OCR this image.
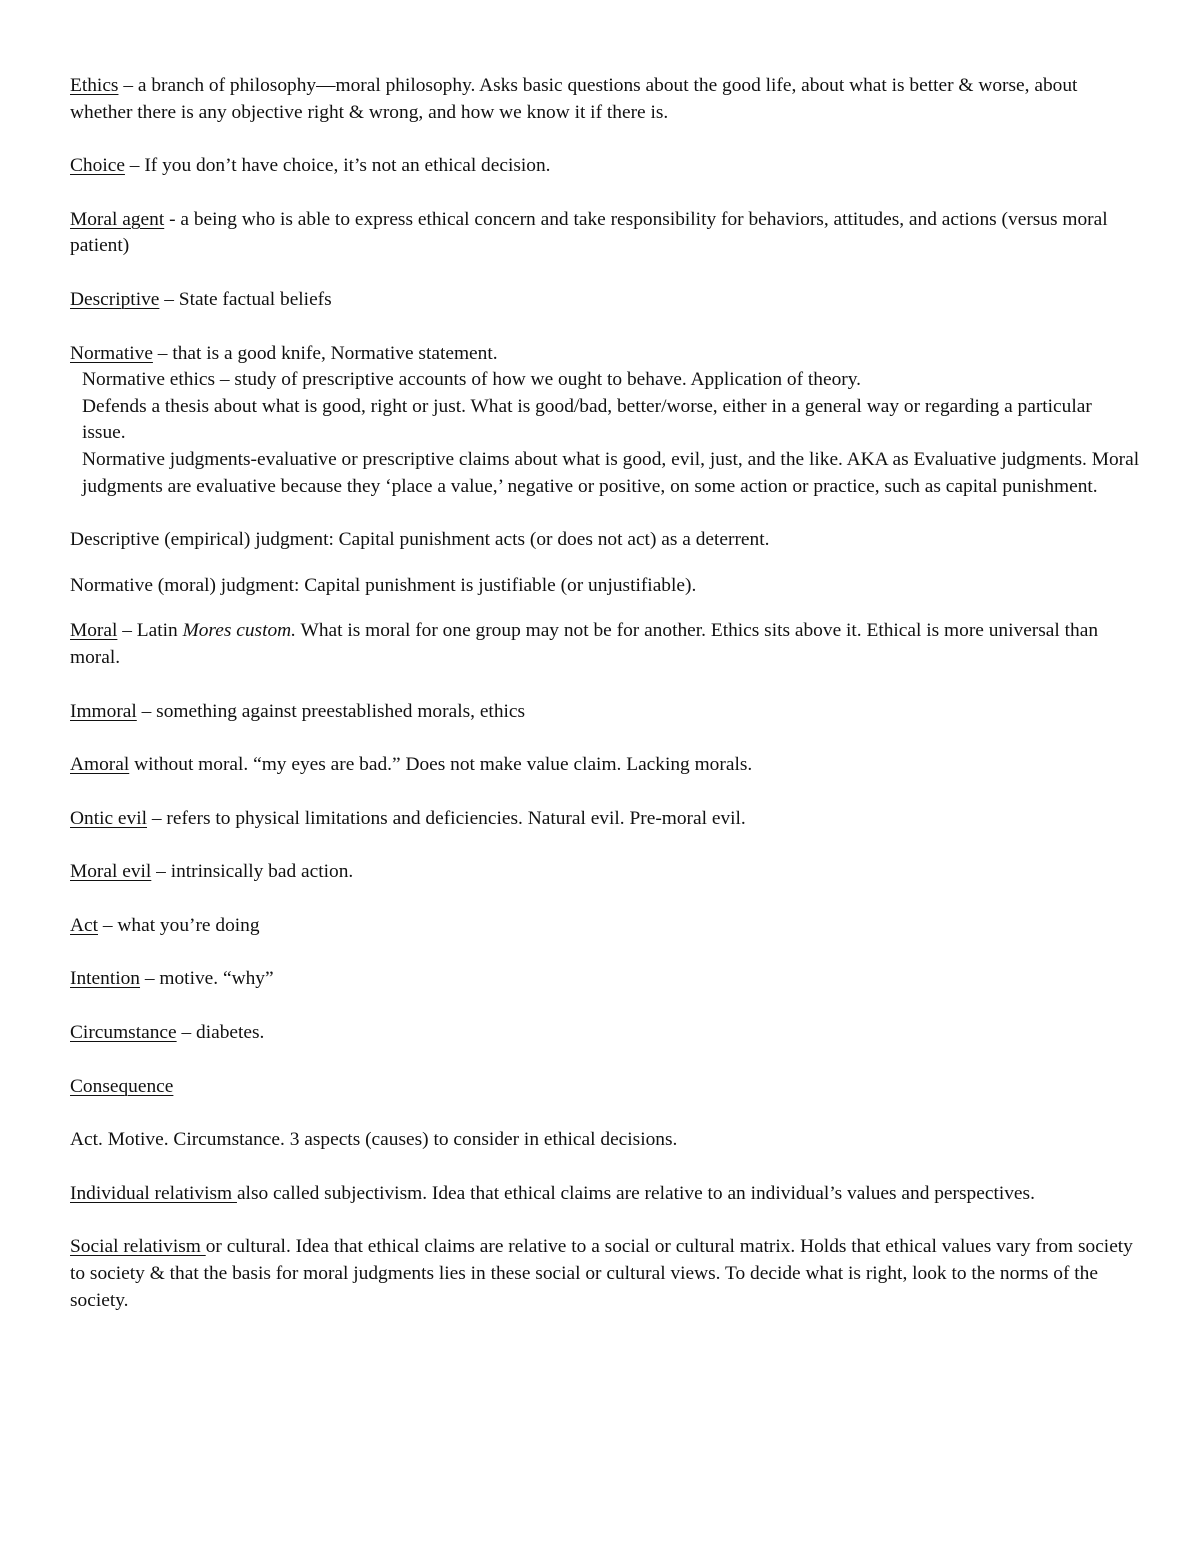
Ethics – a branch of philosophy—moral philosophy. Asks basic questions about the good life, about what is better & worse, about whether there is any objective right & wrong, and how we know it if there is.

Choice – If you don’t have choice, it’s not an ethical decision.

Moral agent - a being who is able to express ethical concern and take responsibility for behaviors, attitudes, and actions (versus moral patient)

Descriptive – State factual beliefs

Normative – that is a good knife, Normative statement.

Normative ethics – study of prescriptive accounts of how we ought to behave. Application of theory.

Defends a thesis about what is good, right or just. What is good/bad, better/worse, either in a general way or regarding a particular issue.

Normative judgments-evaluative or prescriptive claims about what is good, evil, just, and the like. AKA as Evaluative judgments. Moral judgments are evaluative because they ‘place a value,’ negative or positive, on some action or practice, such as capital punishment.

Descriptive (empirical) judgment: Capital punishment acts (or does not act) as a deterrent.

Normative (moral) judgment: Capital punishment is justifiable (or unjustifiable).

Moral – Latin Mores custom. What is moral for one group may not be for another. Ethics sits above it. Ethical is more universal than moral.

Immoral – something against preestablished morals, ethics

Amoral without moral. “my eyes are bad.” Does not make value claim. Lacking morals.

Ontic evil – refers to physical limitations and deficiencies. Natural evil. Pre-moral evil.

Moral evil – intrinsically bad action.

Act – what you’re doing

Intention – motive. “why”

Circumstance – diabetes.

Consequence

Act. Motive. Circumstance. 3 aspects (causes) to consider in ethical decisions.

Individual relativism also called subjectivism. Idea that ethical claims are relative to an individual’s values and perspectives.

Social relativism or cultural. Idea that ethical claims are relative to a social or cultural matrix. Holds that ethical values vary from society to society & that the basis for moral judgments lies in these social or cultural views. To decide what is right, look to the norms of the society.
